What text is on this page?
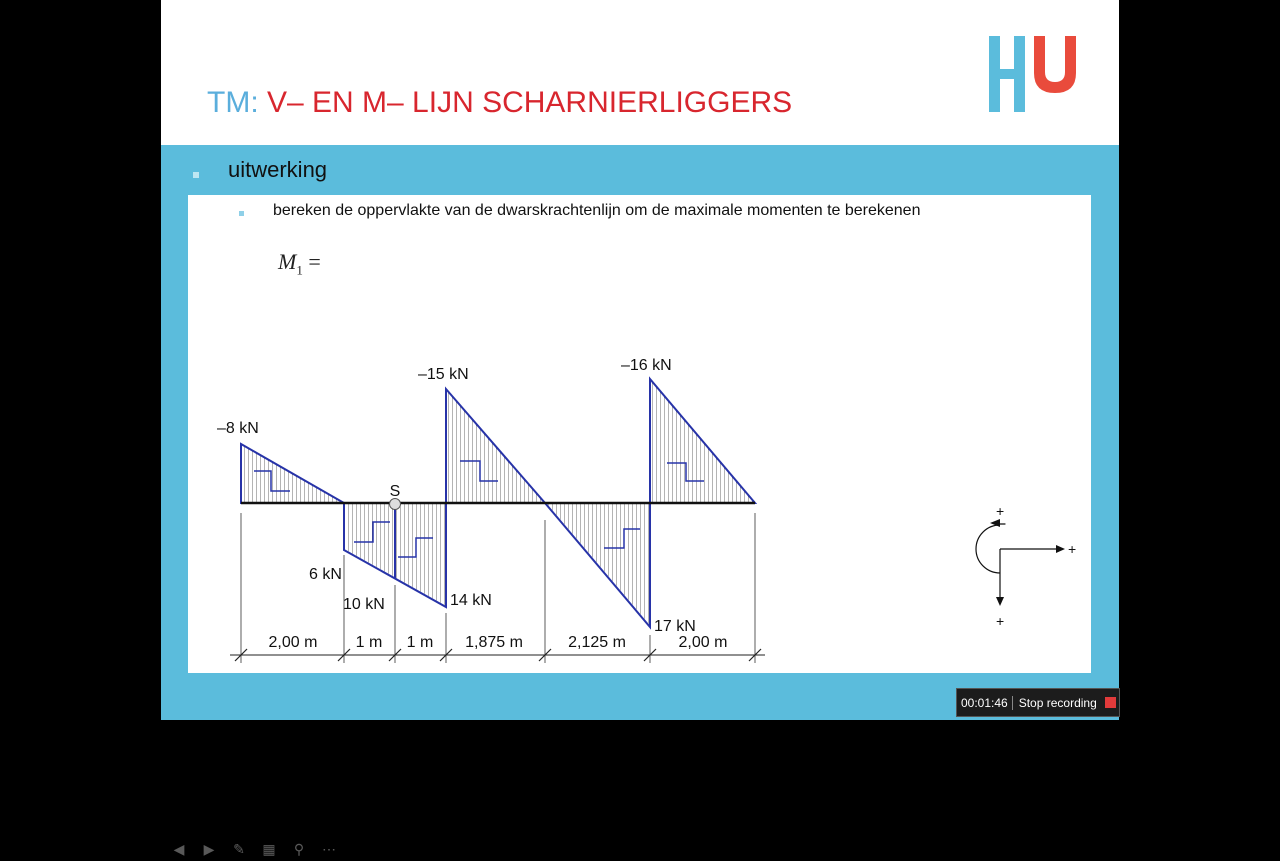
TM: V– EN M– LIJN SCHARNIERLIGGERS
uitwerking
bereken de oppervlakte van de dwarskrachtenlijn om de maximale momenten te berekenen
$M_1$ =
S
–8 kN
6 kN
10 kN	14 kN
–15 kN
17 kN
–16 kN
2,00 m 1 m 1 m 1,875 m	2,125 m	2,00 m
+
+
+
◀	▶	✎ ▦	⚲	⋯
00:01:46 Stop recording
